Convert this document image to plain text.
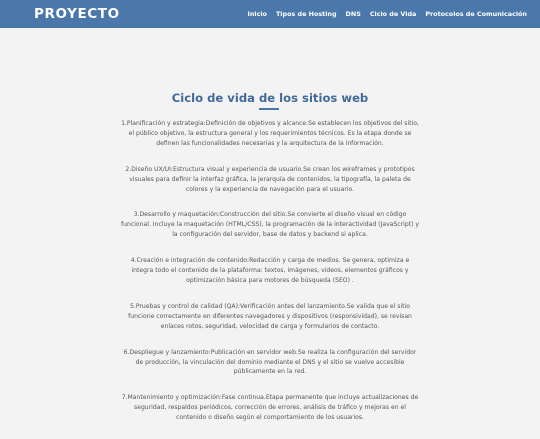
PROYECTO	Inicio Tipos de Hosting DNS Ciclo de Vida Protocolos de Comunicación
Ciclo de vida de los sitios web

1.Planificación y estrategia:Definición de objetivos y alcance.Se establecen los objetivos del sitio, el público objetivo, la estructura general y los requerimientos técnicos. Es la etapa donde se definen las funcionalidades necesarias y la arquitectura de la información.

2.Diseño UX/UI:Estructura visual y experiencia de usuario.Se crean los wireframes y prototipos visuales para definir la interfaz gráfica, la jerarquía de contenidos, la tipografía, la paleta de colores y la experiencia de navegación para el usuario.

3.Desarrollo y maquetación:Construcción del sitio.Se convierte el diseño visual en código funcional. Incluye la maquetación (HTML/CSS), la programación de la interactividad (JavaScript) y la configuración del servidor, base de datos y backend si aplica.

4.Creación e integración de contenido:Redacción y carga de medios. Se genera, optimiza e integra todo el contenido de la plataforma: textos, imágenes, videos, elementos gráficos y optimización básica para motores de búsqueda (SEO) .

5.Pruebas y control de calidad (QA):Verificación antes del lanzamiento.Se valida que el sitio funcione correctamente en diferentes navegadores y dispositivos (responsividad), se revisan enlaces rotos, seguridad, velocidad de carga y formularios de contacto.

6.Despliegue y lanzamiento:Publicación en servidor web.Se realiza la configuración del servidor de producción, la vinculación del dominio mediante el DNS y el sitio se vuelve accesible públicamente en la red.

7.Mantenimiento y optimización:Fase continua.Etapa permanente que incluye actualizaciones de seguridad, respaldos periódicos, corrección de errores, análisis de tráfico y mejoras en el contenido o diseño según el comportamiento de los usuarios.
